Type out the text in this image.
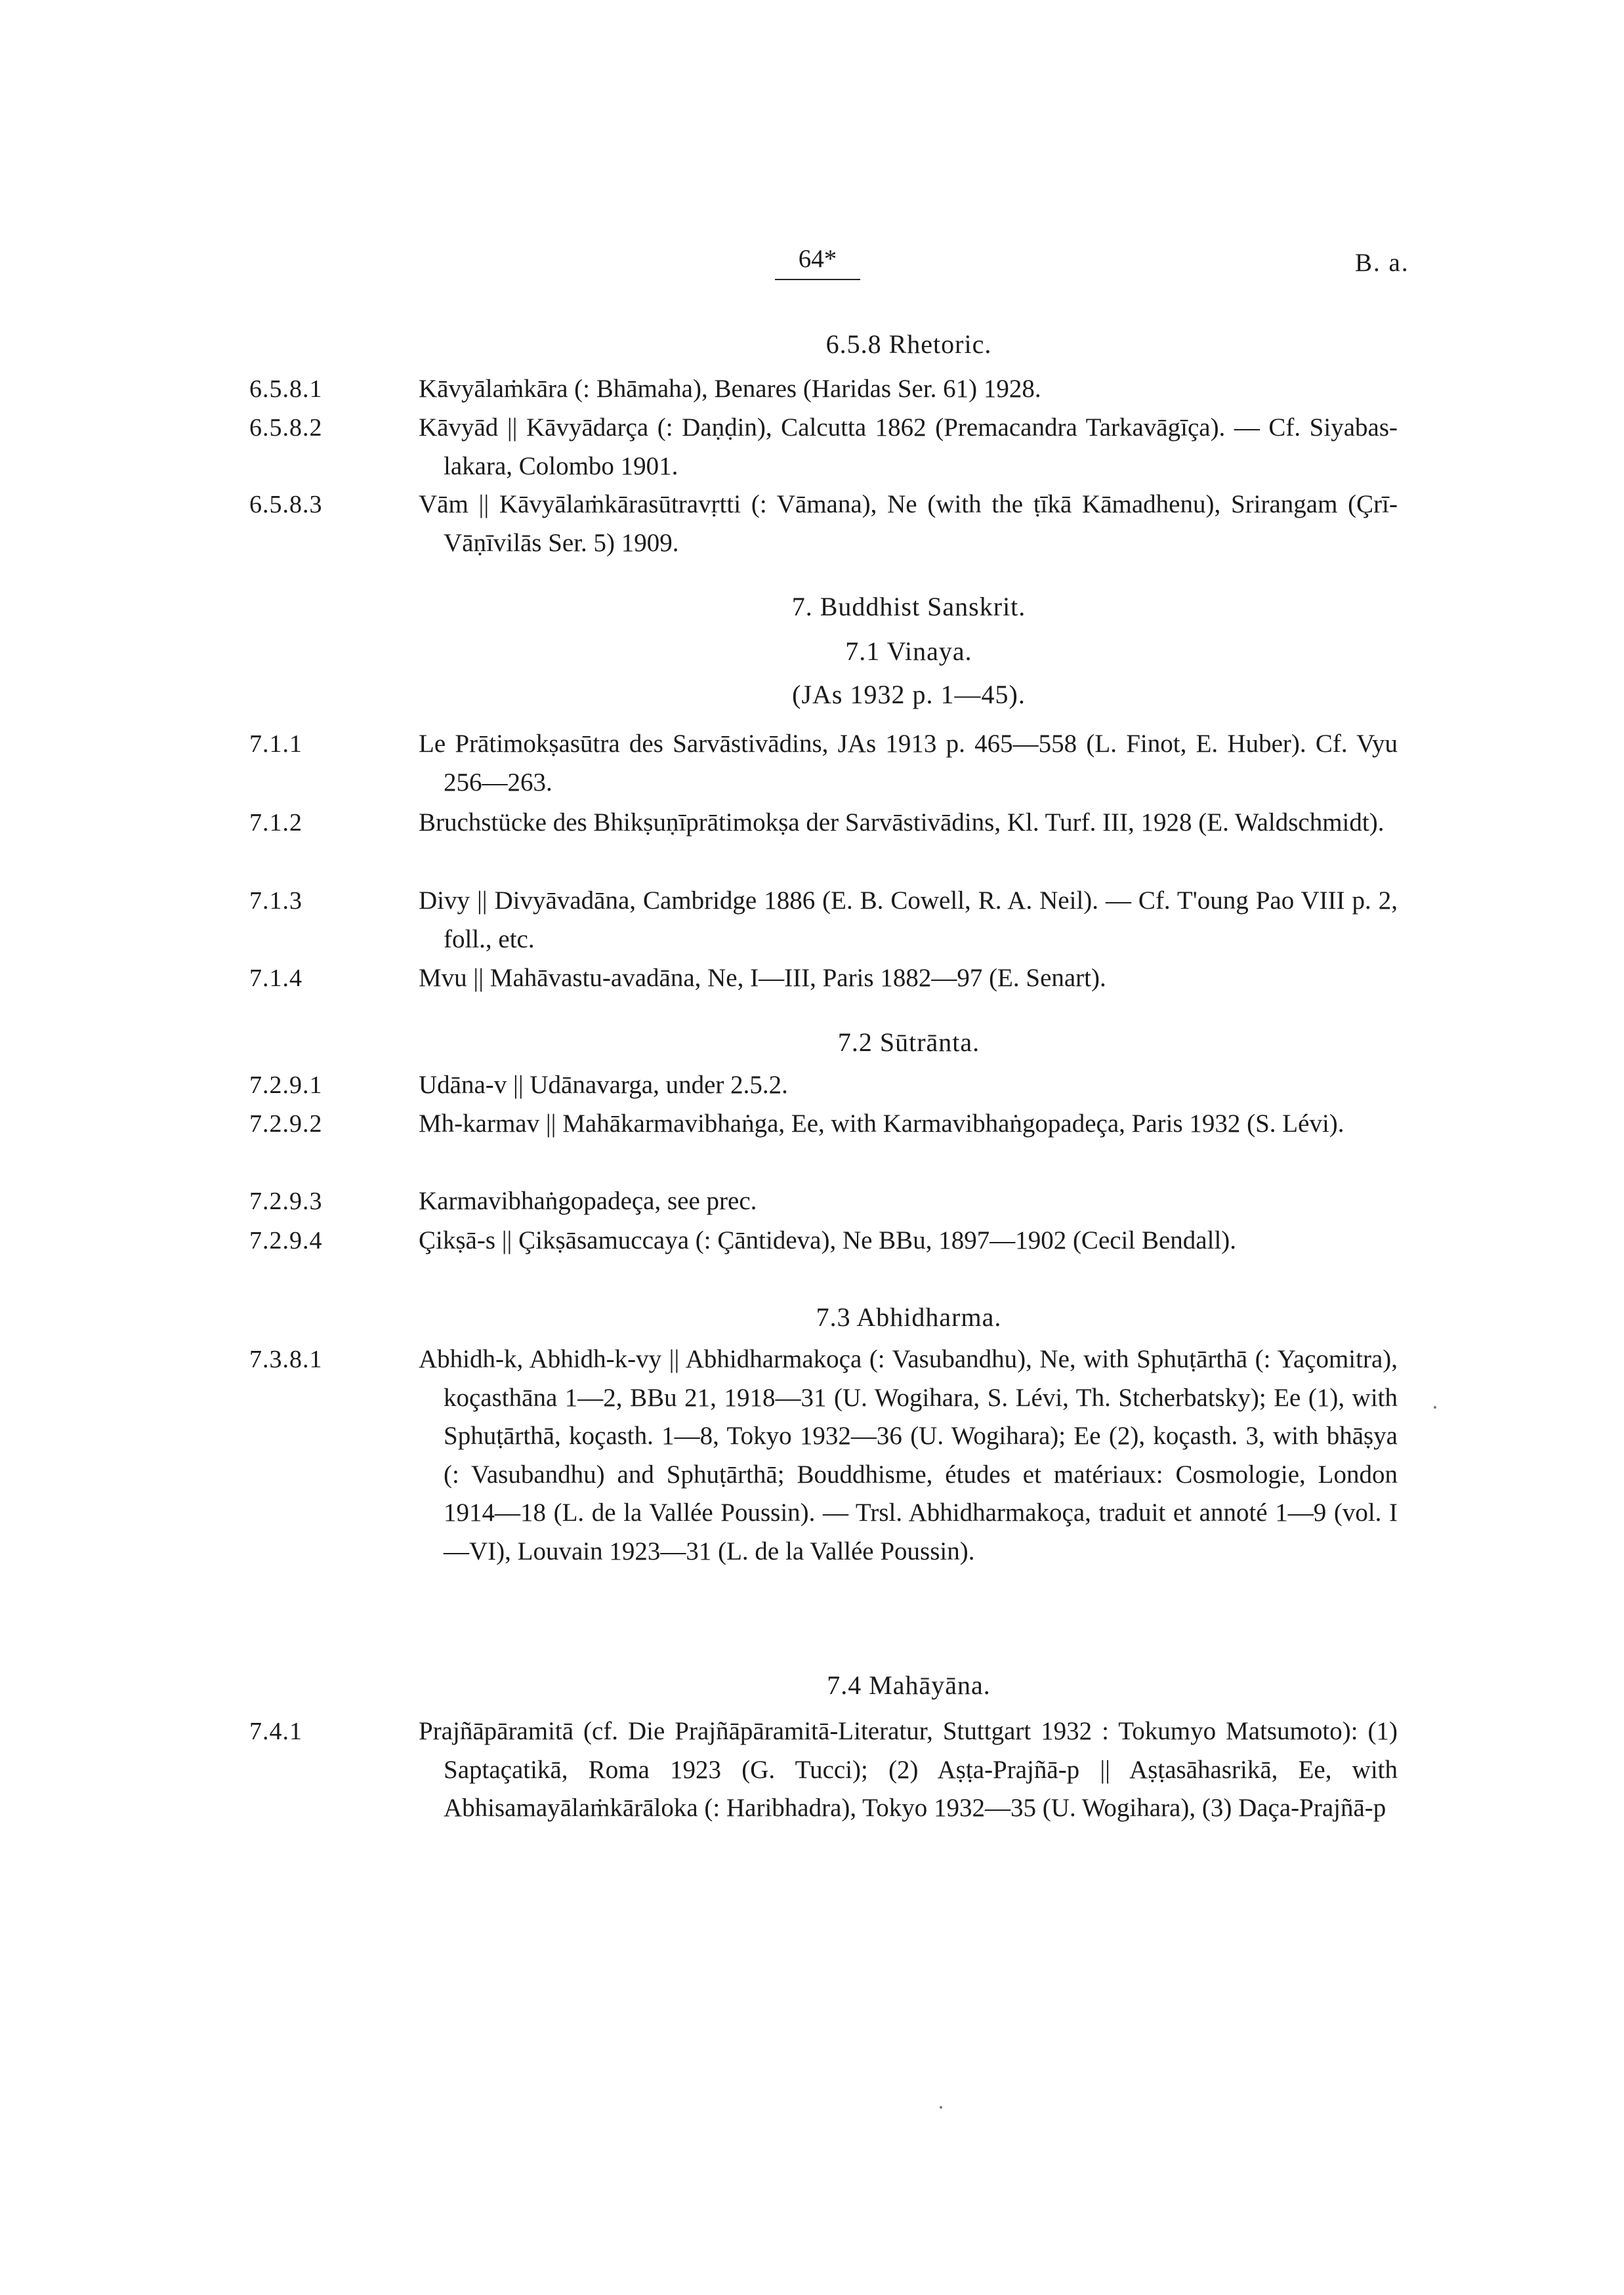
64*	B. a.
6.5.8 Rhetoric.
6.5.8.1	Kāvyālaṁkāra (: Bhāmaha), Benares (Haridas Ser. 61) 1928.
6.5.8.2	Kāvyād || Kāvyādarça (: Daṇḍin), Calcutta 1862 (Premacandra Tarkavāgīça). — Cf. Siyabas-lakara, Colombo 1901.
6.5.8.3	Vām || Kāvyālaṁkārasūtravṛtti (: Vāmana), Ne (with the ṭīkā Kāmadhenu), Srirangam (Çrī-Vāṇīvilās Ser. 5) 1909.
7. Buddhist Sanskrit.
7.1 Vinaya.
(JAs 1932 p. 1—45).
7.1.1	Le Prātimokṣasūtra des Sarvāstivādins, JAs 1913 p. 465—558 (L. Finot, E. Huber). Cf. Vyu 256—263.
7.1.2	Bruchstücke des Bhikṣuṇīprātimokṣa der Sarvāstivādins, Kl. Turf. III, 1928 (E. Waldschmidt).
7.1.3	Divy || Divyāvadāna, Cambridge 1886 (E. B. Cowell, R. A. Neil). — Cf. T'oung Pao VIII p. 2, foll., etc.
7.1.4	Mvu || Mahāvastu-avadāna, Ne, I—III, Paris 1882—97 (E. Senart).
7.2 Sūtrānta.
7.2.9.1	Udāna-v || Udānavarga, under 2.5.2.
7.2.9.2	Mh-karmav || Mahākarmavibhaṅga, Ee, with Karmavibhaṅgopadeça, Paris 1932 (S. Lévi).
7.2.9.3	Karmavibhaṅgopadeça, see prec.
7.2.9.4	Çikṣā-s || Çikṣāsamuccaya (: Çāntideva), Ne BBu, 1897—1902 (Cecil Bendall).
7.3 Abhidharma.
7.3.8.1	Abhidh-k, Abhidh-k-vy || Abhidharmakoça (: Vasubandhu), Ne, with Sphuṭārthā (: Yaçomitra), koçasthāna 1—2, BBu 21, 1918—31 (U. Wogihara, S. Lévi, Th. Stcherbatsky); Ee (1), with Sphuṭārthā, koçasth. 1—8, Tokyo 1932—36 (U. Wogihara); Ee (2), koçasth. 3, with bhāṣya (: Vasubandhu) and Sphuṭārthā; Bouddhisme, études et matériaux: Cosmologie, London 1914—18 (L. de la Vallée Poussin). — Trsl. Abhidharmakoça, traduit et annoté 1—9 (vol. I—VI), Louvain 1923—31 (L. de la Vallée Poussin).
7.4 Mahāyāna.
7.4.1	Prajñāpāramitā (cf. Die Prajñāpāramitā-Literatur, Stuttgart 1932 : Tokumyo Matsumoto): (1) Saptaçatikā, Roma 1923 (G. Tucci); (2) Aṣṭa-Prajñā-p || Aṣṭasāhasrikā, Ee, with Abhisamayālaṁkārāloka (: Haribhadra), Tokyo 1932—35 (U. Wogihara), (3) Daça-Prajñā-p
